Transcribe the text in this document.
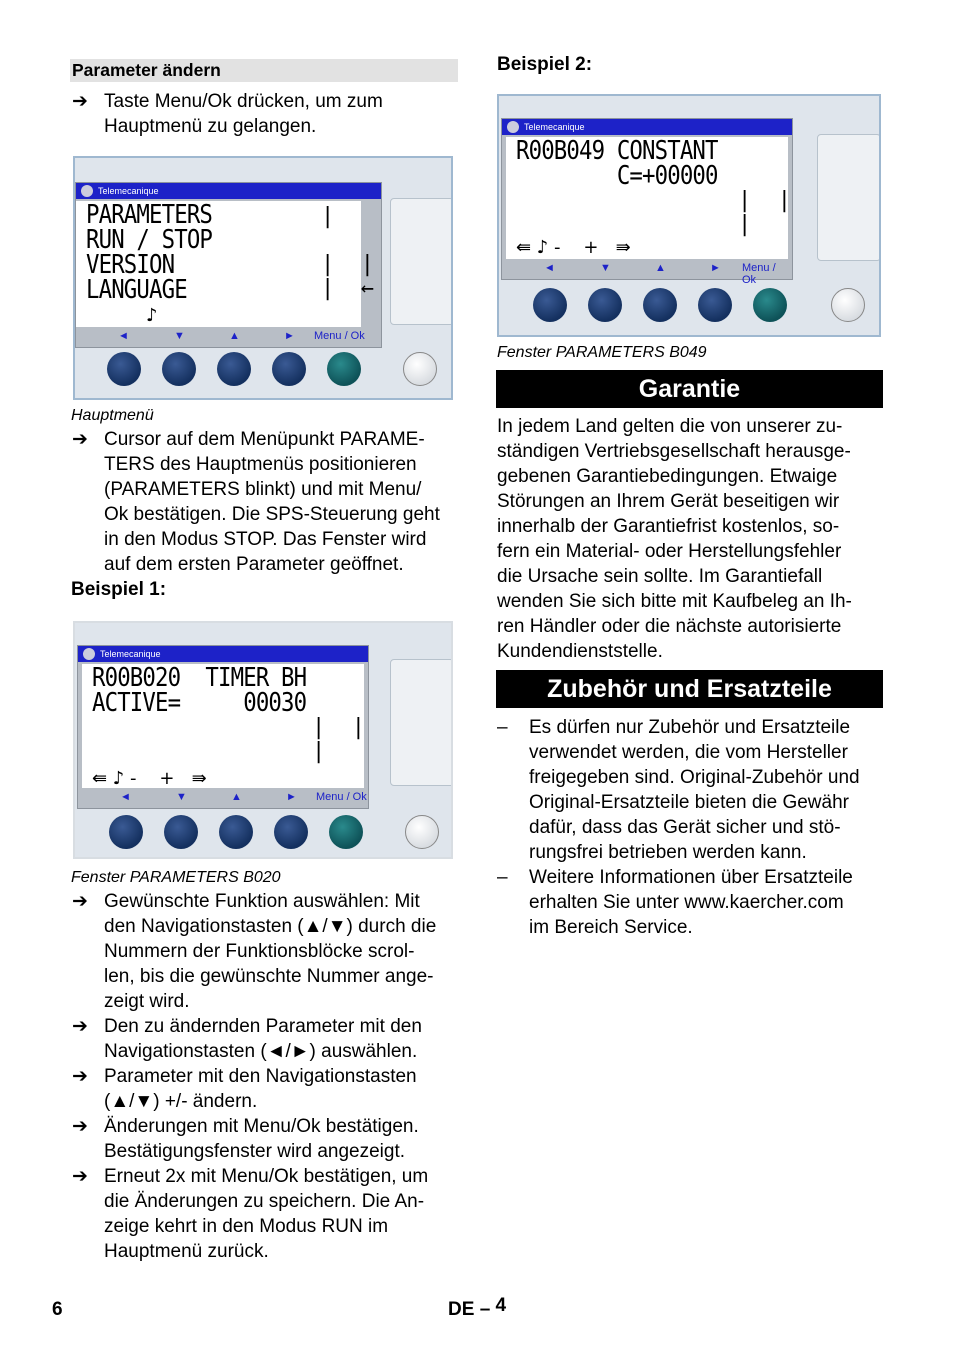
Parameter ändern
➔ Taste Menu/Ok drücken, um zum
Hauptmenü zu gelangen.
Telemecanique
PARAMETERS
RUN / STOP
VERSION
LANGUAGE
|

|  |
|  ←
♪
◄	▼	▲	► Menu / Ok
Hauptmenü
➔ Cursor auf dem Menüpunkt PARAME-
TERS des Hauptmenüs positionieren
(PARAMETERS blinkt) und mit Menu/
Ok bestätigen. Die SPS-Steuerung geht
in den Modus STOP. Das Fenster wird
auf dem ersten Parameter geöffnet.
Beispiel 1:
Telemecanique
R00B020  TIMER BH
ACTIVE=     00030
|  |
|
⇚ ♪ -    +   ⇛
◄	▼	▲	► Menu / Ok
Fenster PARAMETERS B020
➔ Gewünschte Funktion auswählen: Mit
den Navigationstasten (▲/▼) durch die
Nummern der Funktionsblöcke scrol-
len, bis die gewünschte Nummer ange-
zeigt wird.
➔ Den zu ändernden Parameter mit den
Navigationstasten (◄/►) auswählen.
➔ Parameter mit den Navigationstasten
(▲/▼) +/- ändern.
➔ Änderungen mit Menu/Ok bestätigen.
Bestätigungsfenster wird angezeigt.
➔ Erneut 2x mit Menu/Ok bestätigen, um
die Änderungen zu speichern. Die An-
zeige kehrt in den Modus RUN im
Hauptmenü zurück.
Beispiel 2:
Telemecanique
R00B049 CONSTANT
C=+00000
|  |
|
⇚ ♪ -    +   ⇛
◄	▼	▲	► Menu / Ok
Fenster PARAMETERS B049
Garantie
In jedem Land gelten die von unserer zu-
ständigen Vertriebsgesellschaft herausge-
gebenen Garantiebedingungen. Etwaige
Störungen an Ihrem Gerät beseitigen wir
innerhalb der Garantiefrist kostenlos, so-
fern ein Material- oder Herstellungsfehler
die Ursache sein sollte. Im Garantiefall
wenden Sie sich bitte mit Kaufbeleg an Ih-
ren Händler oder die nächste autorisierte
Kundendienststelle.
Zubehör und Ersatzteile
– Es dürfen nur Zubehör und Ersatzteile
verwendet werden, die vom Hersteller
freigegeben sind. Original-Zubehör und
Original-Ersatzteile bieten die Gewähr
dafür, dass das Gerät sicher und stö-
rungsfrei betrieben werden kann.
– Weitere Informationen über Ersatzteile
erhalten Sie unter www.kaercher.com
im Bereich Service.
6	DE – 4
